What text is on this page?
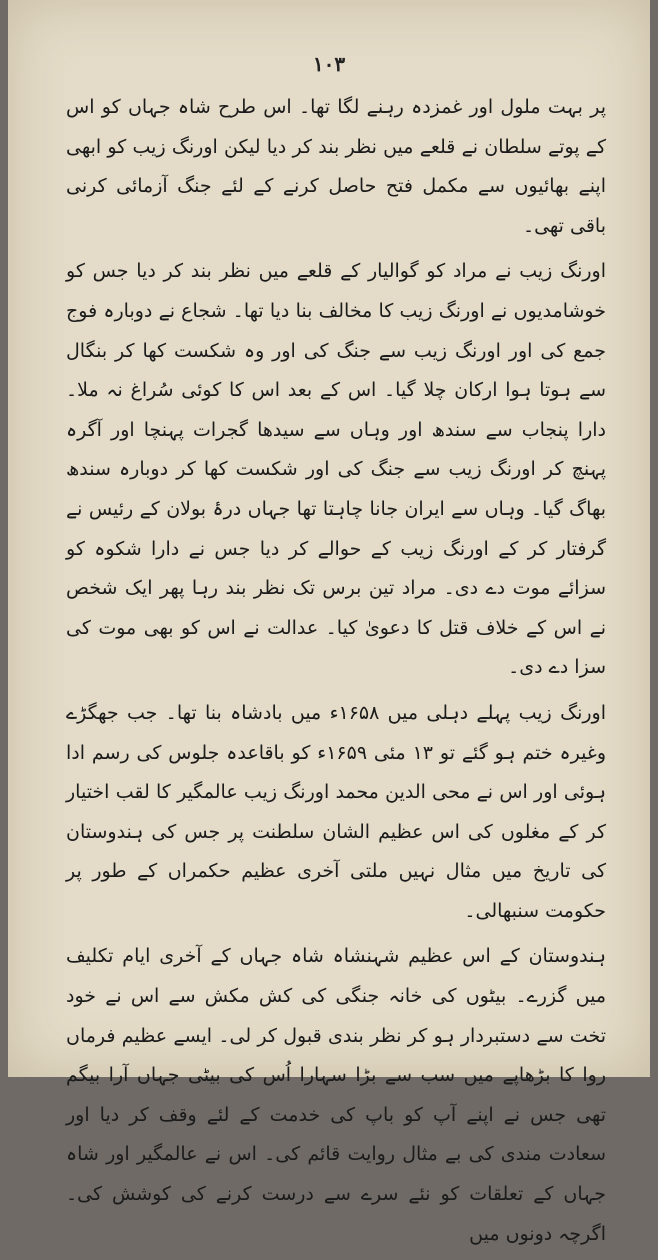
١٠٣

پر بہت ملول اور غمزدہ رہنے لگا تھا۔ اس طرح شاہ جہاں کو اس کے پوتے سلطان نے قلعے میں نظر بند کر دیا لیکن اورنگ زیب کو ابھی اپنے بھائیوں سے مکمل فتح حاصل کرنے کے لئے جنگ آزمائی کرنی باقی تھی۔

اورنگ زیب نے مراد کو گوالیار کے قلعے میں نظر بند کر دیا جس کو خوشامدیوں نے اورنگ زیب کا مخالف بنا دیا تھا۔ شجاع نے دوبارہ فوج جمع کی اور اورنگ زیب سے جنگ کی اور وہ شکست کھا کر بنگال سے ہوتا ہوا ارکان چلا گیا۔ اس کے بعد اس کا کوئی سُراغ نہ ملا۔ دارا پنجاب سے سندھ اور وہاں سے سیدھا گجرات پہنچا اور آگرہ پہنچ کر اورنگ زیب سے جنگ کی اور شکست کھا کر دوبارہ سندھ بھاگ گیا۔ وہاں سے ایران جانا چاہتا تھا جہاں درۂ بولان کے رئیس نے گرفتار کر کے اورنگ زیب کے حوالے کر دیا جس نے دارا شکوہ کو سزائے موت دے دی۔ مراد تین برس تک نظر بند رہا پھر ایک شخص نے اس کے خلاف قتل کا دعویٰ کیا۔ عدالت نے اس کو بھی موت کی سزا دے دی۔

اورنگ زیب پہلے دہلی میں ۱۶۵۸ء میں بادشاہ بنا تھا۔ جب جھگڑے وغیرہ ختم ہو گئے تو ۱۳ مئی ۱۶۵۹ء کو باقاعدہ جلوس کی رسم ادا ہوئی اور اس نے محی الدین محمد اورنگ زیب عالمگیر کا لقب اختیار کر کے مغلوں کی اس عظیم الشان سلطنت پر جس کی ہندوستان کی تاریخ میں مثال نہیں ملتی آخری عظیم حکمراں کے طور پر حکومت سنبھالی۔

ہندوستان کے اس عظیم شہنشاہ شاہ جہاں کے آخری ایام تکلیف میں گزرے۔ بیٹوں کی خانہ جنگی کی کش مکش سے اس نے خود تخت سے دستبردار ہو کر نظر بندی قبول کر لی۔ ایسے عظیم فرماں روا کا بڑھاپے میں سب سے بڑا سہارا اُس کی بیٹی جہاں آرا بیگم تھی جس نے اپنے آپ کو باپ کی خدمت کے لئے وقف کر دیا اور سعادت مندی کی بے مثال روایت قائم کی۔ اس نے عالمگیر اور شاہ جہاں کے تعلقات کو نئے سرے سے درست کرنے کی کوشش کی۔ اگرچہ دونوں میں
